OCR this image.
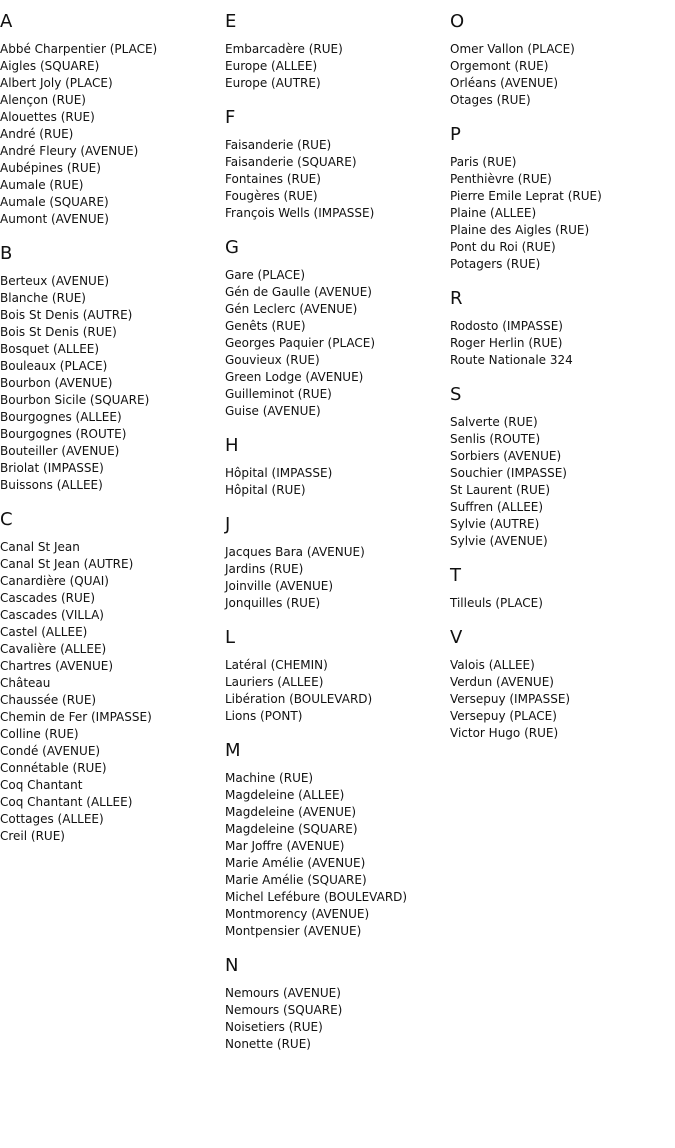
A
Abbé Charpentier (PLACE)
Aigles (SQUARE)
Albert Joly (PLACE)
Alençon (RUE)
Alouettes (RUE)
André (RUE)
André Fleury (AVENUE)
Aubépines (RUE)
Aumale (RUE)
Aumale (SQUARE)
Aumont (AVENUE)
B
Berteux (AVENUE)
Blanche (RUE)
Bois St Denis (AUTRE)
Bois St Denis (RUE)
Bosquet (ALLEE)
Bouleaux (PLACE)
Bourbon (AVENUE)
Bourbon Sicile (SQUARE)
Bourgognes (ALLEE)
Bourgognes (ROUTE)
Bouteiller (AVENUE)
Briolat (IMPASSE)
Buissons (ALLEE)
C
Canal St Jean
Canal St Jean (AUTRE)
Canardière (QUAI)
Cascades (RUE)
Cascades (VILLA)
Castel (ALLEE)
Cavalière (ALLEE)
Chartres (AVENUE)
Château
Chaussée (RUE)
Chemin de Fer (IMPASSE)
Colline (RUE)
Condé (AVENUE)
Connétable (RUE)
Coq Chantant
Coq Chantant (ALLEE)
Cottages (ALLEE)
Creil (RUE)
E
Embarcadère (RUE)
Europe (ALLEE)
Europe (AUTRE)
F
Faisanderie (RUE)
Faisanderie (SQUARE)
Fontaines (RUE)
Fougères (RUE)
François Wells (IMPASSE)
G
Gare (PLACE)
Gén de Gaulle (AVENUE)
Gén Leclerc (AVENUE)
Genêts (RUE)
Georges Paquier (PLACE)
Gouvieux (RUE)
Green Lodge (AVENUE)
Guilleminot (RUE)
Guise (AVENUE)
H
Hôpital (IMPASSE)
Hôpital (RUE)
J
Jacques Bara (AVENUE)
Jardins (RUE)
Joinville (AVENUE)
Jonquilles (RUE)
L
Latéral (CHEMIN)
Lauriers (ALLEE)
Libération (BOULEVARD)
Lions (PONT)
M
Machine (RUE)
Magdeleine (ALLEE)
Magdeleine (AVENUE)
Magdeleine (SQUARE)
Mar Joffre (AVENUE)
Marie Amélie (AVENUE)
Marie Amélie (SQUARE)
Michel Lefébure (BOULEVARD)
Montmorency (AVENUE)
Montpensier (AVENUE)
N
Nemours (AVENUE)
Nemours (SQUARE)
Noisetiers (RUE)
Nonette (RUE)
O
Omer Vallon (PLACE)
Orgemont (RUE)
Orléans (AVENUE)
Otages (RUE)
P
Paris (RUE)
Penthièvre (RUE)
Pierre Emile Leprat (RUE)
Plaine (ALLEE)
Plaine des Aigles (RUE)
Pont du Roi (RUE)
Potagers (RUE)
R
Rodosto (IMPASSE)
Roger Herlin (RUE)
Route Nationale 324
S
Salverte (RUE)
Senlis (ROUTE)
Sorbiers (AVENUE)
Souchier (IMPASSE)
St Laurent (RUE)
Suffren (ALLEE)
Sylvie (AUTRE)
Sylvie (AVENUE)
T
Tilleuls (PLACE)
V
Valois (ALLEE)
Verdun (AVENUE)
Versepuy (IMPASSE)
Versepuy (PLACE)
Victor Hugo (RUE)
